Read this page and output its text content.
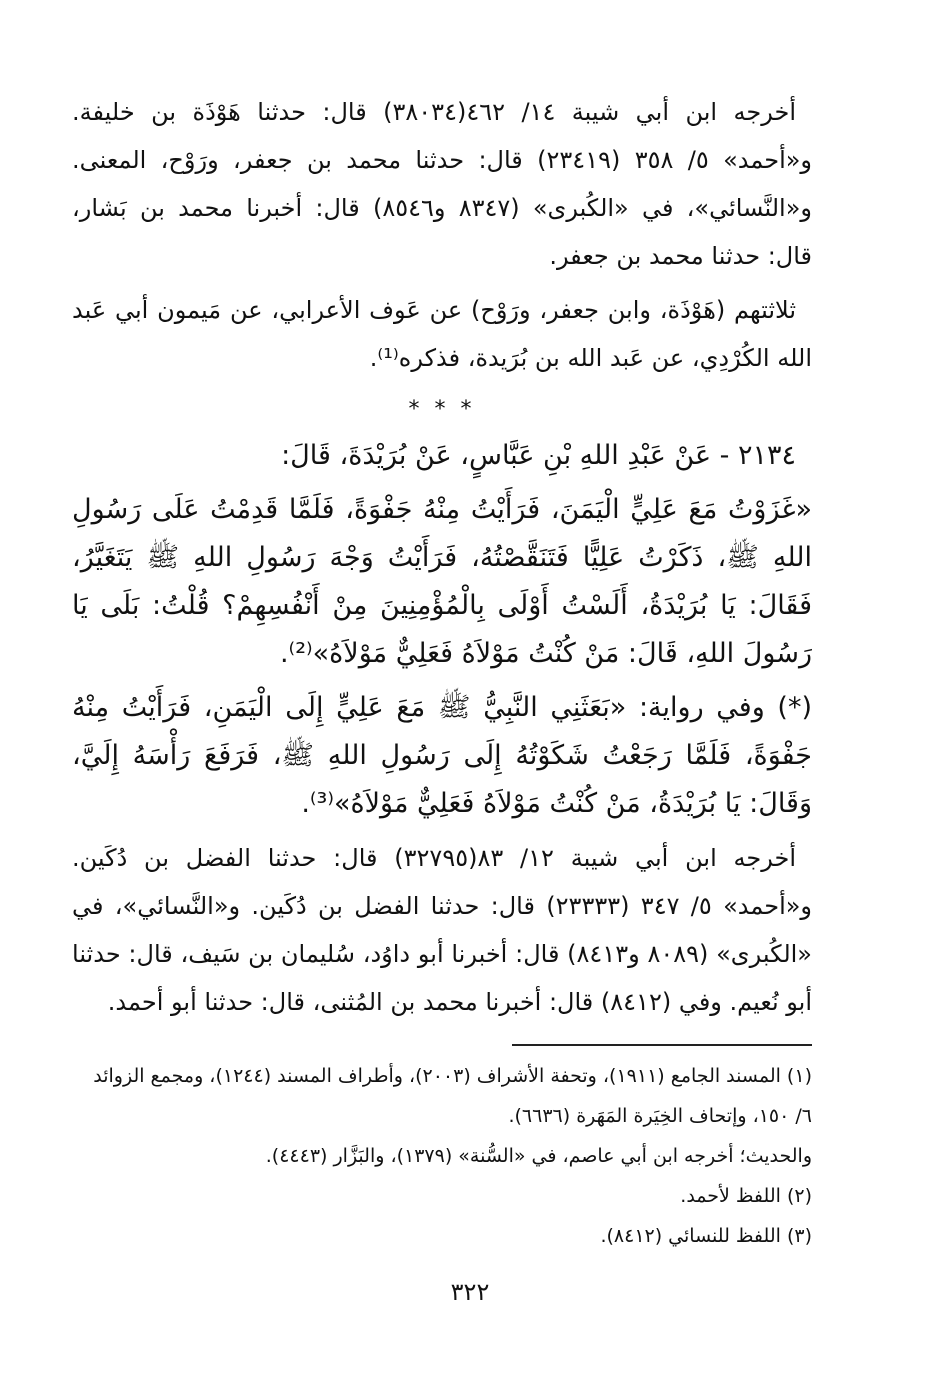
أخرجه ابن أبي شيبة ١٤/ ٤٦٢(٣٨٠٣٤) قال: حدثنا هَوْذَة بن خليفة. و«أحمد» ٥/ ٣٥٨ (٢٣٤١٩) قال: حدثنا محمد بن جعفر، ورَوْح، المعنى. و«النَّسائي»، في «الكُبرى» (٨٣٤٧ و٨٥٤٦) قال: أخبرنا محمد بن بَشار، قال: حدثنا محمد بن جعفر.

ثلاثتهم (هَوْذَة، وابن جعفر، ورَوْح) عن عَوف الأعرابي، عن مَيمون أبي عَبد الله الكُرْدِي، عن عَبد الله بن بُرَيدة، فذكره⁽¹⁾.

* * *

٢١٣٤ - عَنْ عَبْدِ اللهِ بْنِ عَبَّاسٍ، عَنْ بُرَيْدَةَ، قَالَ:

«غَزَوْتُ مَعَ عَلِيٍّ الْيَمَنَ، فَرَأَيْتُ مِنْهُ جَفْوَةً، فَلَمَّا قَدِمْتُ عَلَى رَسُولِ اللهِ ﷺ، ذَكَرْتُ عَلِيًّا فَتَنَقَّصْتُهُ، فَرَأَيْتُ وَجْهَ رَسُولِ اللهِ ﷺ يَتَغَيَّرُ، فَقَالَ: يَا بُرَيْدَةُ، أَلَسْتُ أَوْلَى بِالْمُؤْمِنِينَ مِنْ أَنْفُسِهِمْ؟ قُلْتُ: بَلَى يَا رَسُولَ اللهِ، قَالَ: مَنْ كُنْتُ مَوْلاَهُ فَعَلِيٌّ مَوْلاَهُ»⁽²⁾.

(*) وفي رواية: «بَعَثَنِي النَّبِيُّ ﷺ مَعَ عَلِيٍّ إِلَى الْيَمَنِ، فَرَأَيْتُ مِنْهُ جَفْوَةً، فَلَمَّا رَجَعْتُ شَكَوْتُهُ إِلَى رَسُولِ اللهِ ﷺ، فَرَفَعَ رَأْسَهُ إِلَيَّ، وَقَالَ: يَا بُرَيْدَةُ، مَنْ كُنْتُ مَوْلاَهُ فَعَلِيٌّ مَوْلاَهُ»⁽³⁾.

أخرجه ابن أبي شيبة ١٢/ ٨٣(٣٢٧٩٥) قال: حدثنا الفضل بن دُكَين. و«أحمد» ٥/ ٣٤٧ (٢٣٣٣٣) قال: حدثنا الفضل بن دُكَين. و«النَّسائي»، في «الكُبرى» (٨٠٨٩ و٨٤١٣) قال: أخبرنا أبو داوُد، سُليمان بن سَيف، قال: حدثنا أبو نُعيم. وفي (٨٤١٢) قال: أخبرنا محمد بن المُثنى، قال: حدثنا أبو أحمد.

(١) المسند الجامع (١٩١١)، وتحفة الأشراف (٢٠٠٣)، وأطراف المسند (١٢٤٤)، ومجمع الزوائد ٦/ ١٥٠، وإتحاف الخِيَرة المَهَرة (٦٦٣٦).

والحديث؛ أخرجه ابن أبي عاصم، في «السُّنة» (١٣٧٩)، والبَزَّار (٤٤٤٣).

(٢) اللفظ لأحمد.

(٣) اللفظ للنسائي (٨٤١٢).

٣٢٢
